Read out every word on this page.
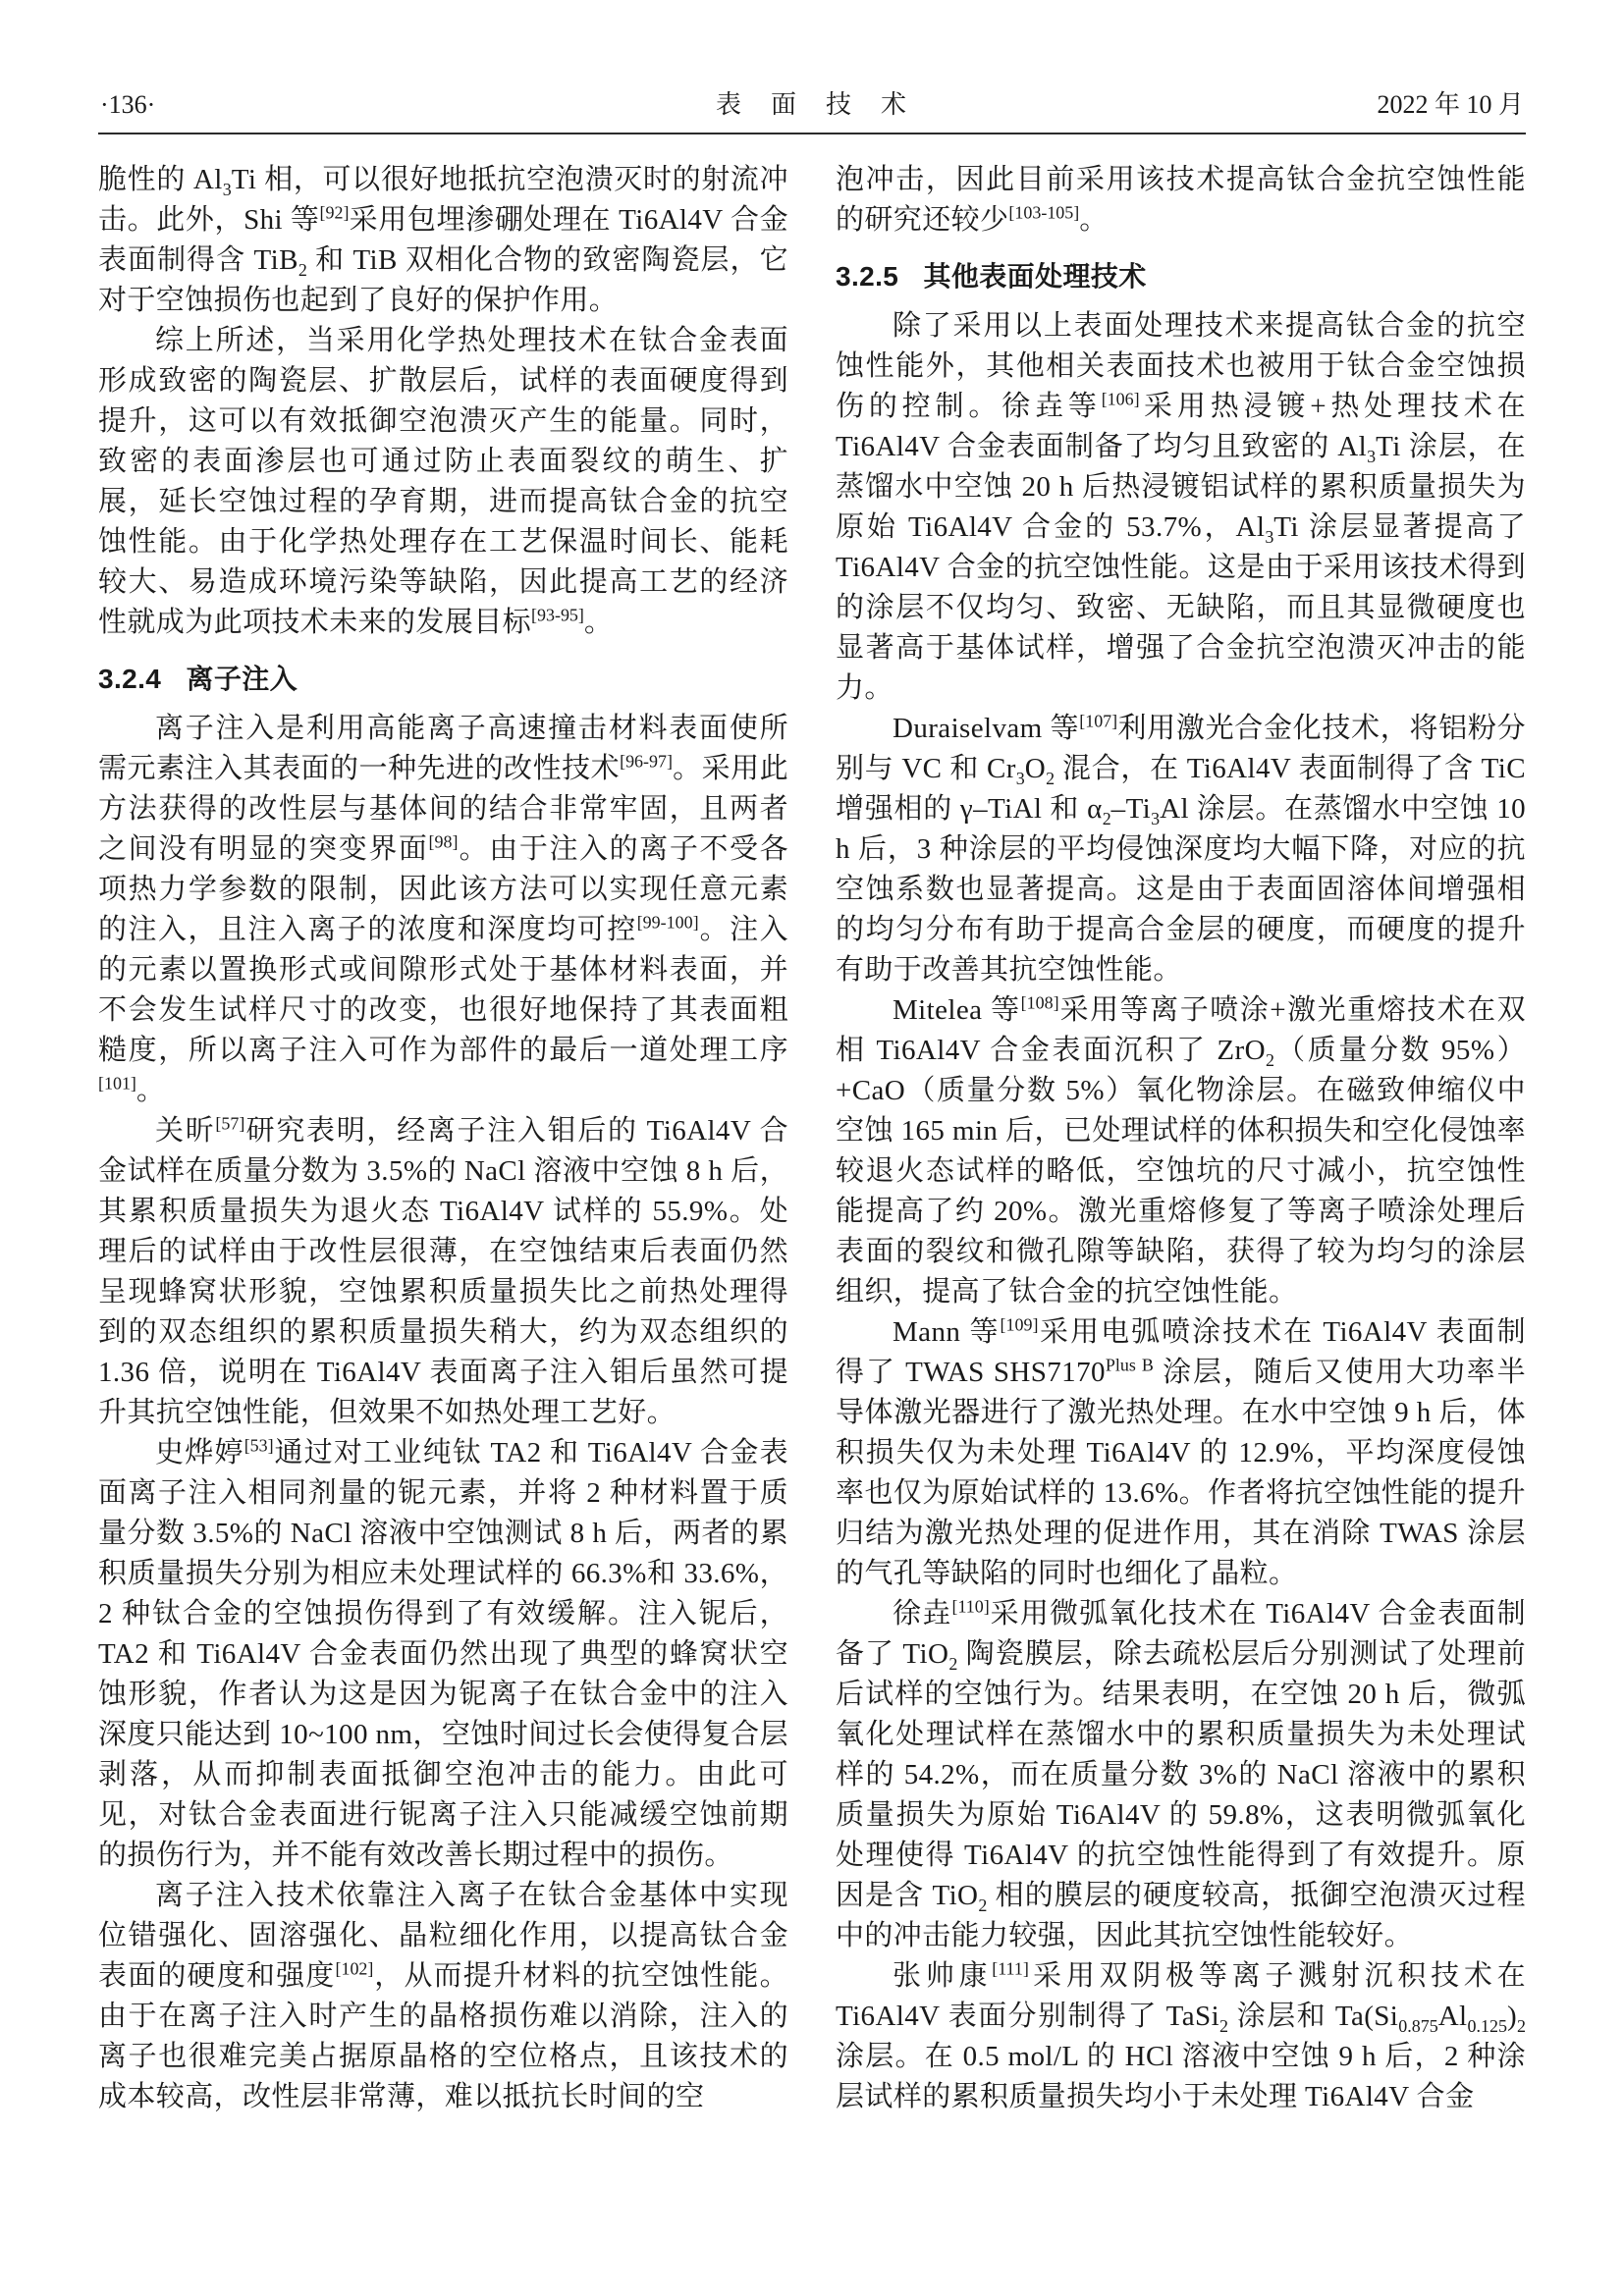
·136·	表　面　技　术	2022 年 10 月

脆性的 $Al_3Ti$ 相，可以很好地抵抗空泡溃灭时的射流冲击。此外，Shi 等[92]采用包埋渗硼处理在 Ti6Al4V 合金表面制得含 TiB$_2$ 和 TiB 双相化合物的致密陶瓷层，它对于空蚀损伤也起到了良好的保护作用。

综上所述，当采用化学热处理技术在钛合金表面形成致密的陶瓷层、扩散层后，试样的表面硬度得到提升，这可以有效抵御空泡溃灭产生的能量。同时，致密的表面渗层也可通过防止表面裂纹的萌生、扩展，延长空蚀过程的孕育期，进而提高钛合金的抗空蚀性能。由于化学热处理存在工艺保温时间长、能耗较大、易造成环境污染等缺陷，因此提高工艺的经济性就成为此项技术未来的发展目标[93-95]。

3.2.4 离子注入

离子注入是利用高能离子高速撞击材料表面使所需元素注入其表面的一种先进的改性技术[96-97]。采用此方法获得的改性层与基体间的结合非常牢固，且两者之间没有明显的突变界面[98]。由于注入的离子不受各项热力学参数的限制，因此该方法可以实现任意元素的注入，且注入离子的浓度和深度均可控[99-100]。注入的元素以置换形式或间隙形式处于基体材料表面，并不会发生试样尺寸的改变，也很好地保持了其表面粗糙度，所以离子注入可作为部件的最后一道处理工序[101]。

关昕[57]研究表明，经离子注入钼后的 Ti6Al4V 合金试样在质量分数为 3.5%的 NaCl 溶液中空蚀 8 h 后，其累积质量损失为退火态 Ti6Al4V 试样的 55.9%。处理后的试样由于改性层很薄，在空蚀结束后表面仍然呈现蜂窝状形貌，空蚀累积质量损失比之前热处理得到的双态组织的累积质量损失稍大，约为双态组织的 1.36 倍，说明在 Ti6Al4V 表面离子注入钼后虽然可提升其抗空蚀性能，但效果不如热处理工艺好。

史烨婷[53]通过对工业纯钛 TA2 和 Ti6Al4V 合金表面离子注入相同剂量的铌元素，并将 2 种材料置于质量分数 3.5%的 NaCl 溶液中空蚀测试 8 h 后，两者的累积质量损失分别为相应未处理试样的 66.3%和 33.6%，2 种钛合金的空蚀损伤得到了有效缓解。注入铌后，TA2 和 Ti6Al4V 合金表面仍然出现了典型的蜂窝状空蚀形貌，作者认为这是因为铌离子在钛合金中的注入深度只能达到 10~100 nm，空蚀时间过长会使得复合层剥落，从而抑制表面抵御空泡冲击的能力。由此可见，对钛合金表面进行铌离子注入只能减缓空蚀前期的损伤行为，并不能有效改善长期过程中的损伤。

离子注入技术依靠注入离子在钛合金基体中实现位错强化、固溶强化、晶粒细化作用，以提高钛合金表面的硬度和强度[102]，从而提升材料的抗空蚀性能。由于在离子注入时产生的晶格损伤难以消除，注入的离子也很难完美占据原晶格的空位格点，且该技术的成本较高，改性层非常薄，难以抵抗长时间的空

泡冲击，因此目前采用该技术提高钛合金抗空蚀性能的研究还较少[103-105]。

3.2.5 其他表面处理技术

除了采用以上表面处理技术来提高钛合金的抗空蚀性能外，其他相关表面技术也被用于钛合金空蚀损伤的控制。徐垚等[106]采用热浸镀+热处理技术在 Ti6Al4V 合金表面制备了均匀且致密的 $Al_3Ti$ 涂层，在蒸馏水中空蚀 20 h 后热浸镀铝试样的累积质量损失为原始 Ti6Al4V 合金的 53.7%，$Al_3Ti$ 涂层显著提高了 Ti6Al4V 合金的抗空蚀性能。这是由于采用该技术得到的涂层不仅均匀、致密、无缺陷，而且其显微硬度也显著高于基体试样，增强了合金抗空泡溃灭冲击的能力。

Duraiselvam 等[107]利用激光合金化技术，将铝粉分别与 VC 和 $Cr_3O_2$ 混合，在 Ti6Al4V 表面制得了含 TiC 增强相的 γ–TiAl 和 $\alpha_2-Ti_3Al$ 涂层。在蒸馏水中空蚀 10 h 后，3 种涂层的平均侵蚀深度均大幅下降，对应的抗空蚀系数也显著提高。这是由于表面固溶体间增强相的均匀分布有助于提高合金层的硬度，而硬度的提升有助于改善其抗空蚀性能。

Mitelea 等[108]采用等离子喷涂+激光重熔技术在双相 Ti6Al4V 合金表面沉积了 ZrO$_2$（质量分数 95%）+CaO（质量分数 5%）氧化物涂层。在磁致伸缩仪中空蚀 165 min 后，已处理试样的体积损失和空化侵蚀率较退火态试样的略低，空蚀坑的尺寸减小，抗空蚀性能提高了约 20%。激光重熔修复了等离子喷涂处理后表面的裂纹和微孔隙等缺陷，获得了较为均匀的涂层组织，提高了钛合金的抗空蚀性能。

Mann 等[109]采用电弧喷涂技术在 Ti6Al4V 表面制得了 TWAS $SHS7170^{Plus B}$ 涂层，随后又使用大功率半导体激光器进行了激光热处理。在水中空蚀 9 h 后，体积损失仅为未处理 Ti6Al4V 的 12.9%，平均深度侵蚀率也仅为原始试样的 13.6%。作者将抗空蚀性能的提升归结为激光热处理的促进作用，其在消除 TWAS 涂层的气孔等缺陷的同时也细化了晶粒。

徐垚[110]采用微弧氧化技术在 Ti6Al4V 合金表面制备了 TiO$_2$ 陶瓷膜层，除去疏松层后分别测试了处理前后试样的空蚀行为。结果表明，在空蚀 20 h 后，微弧氧化处理试样在蒸馏水中的累积质量损失为未处理试样的 54.2%，而在质量分数 3%的 NaCl 溶液中的累积质量损失为原始 Ti6Al4V 的 59.8%，这表明微弧氧化处理使得 Ti6Al4V 的抗空蚀性能得到了有效提升。原因是含 TiO$_2$ 相的膜层的硬度较高，抵御空泡溃灭过程中的冲击能力较强，因此其抗空蚀性能较好。

张帅康[111]采用双阴极等离子溅射沉积技术在 Ti6Al4V 表面分别制得了 TaSi$_2$ 涂层和 $Ta(Si_{0.875}Al_{0.125})_2$ 涂层。在 0.5 mol/L 的 HCl 溶液中空蚀 9 h 后，2 种涂层试样的累积质量损失均小于未处理 Ti6Al4V 合金
